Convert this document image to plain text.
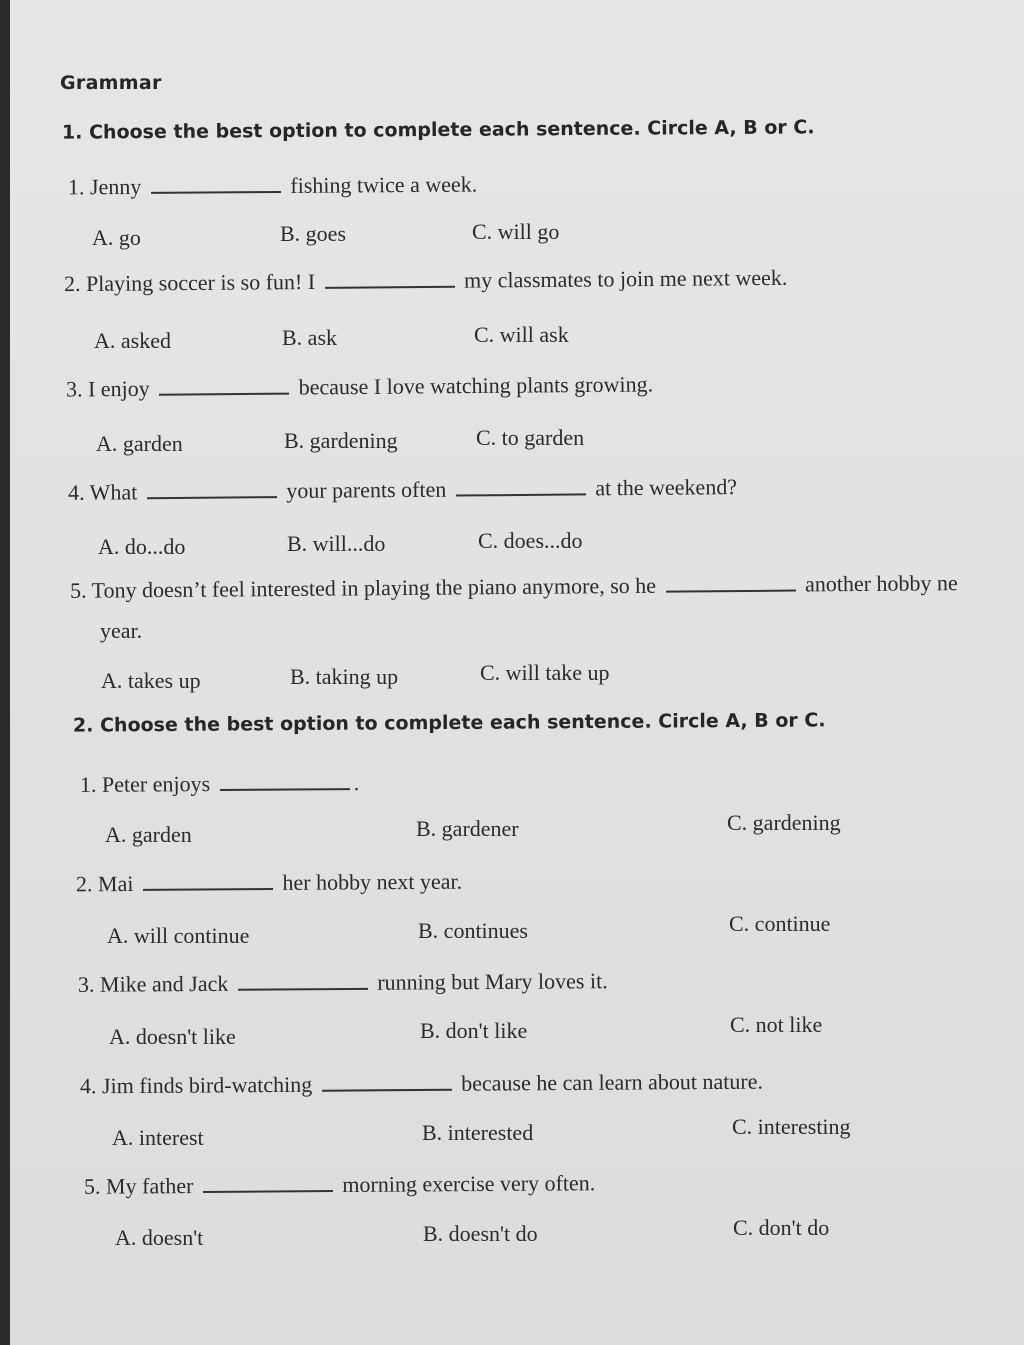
Grammar
1. Choose the best option to complete each sentence. Circle A, B or C.
1. Jenny	fishing twice a week.
A. go	B. goes	C. will go
2. Playing soccer is so fun! I	my classmates to join me next week.
A. asked	B. ask	C. will ask
3. I enjoy	because I love watching plants growing.
A. garden	B. gardening	C. to garden
4. What	your parents often	at the weekend?
A. do...do	B. will...do	C. does...do
5. Tony doesn’t feel interested in playing the piano anymore, so he	another hobby ne
year.
A. takes up	B. taking up	C. will take up
2. Choose the best option to complete each sentence. Circle A, B or C.
1. Peter enjoys	.
A. garden	B. gardener	C. gardening
2. Mai	her hobby next year.
A. will continue	B. continues	C. continue
3. Mike and Jack	running but Mary loves it.
A. doesn't like	B. don't like	C. not like
4. Jim finds bird-watching	because he can learn about nature.
A. interest	B. interested	C. interesting
5. My father	morning exercise very often.
A. doesn't	B. doesn't do	C. don't do
